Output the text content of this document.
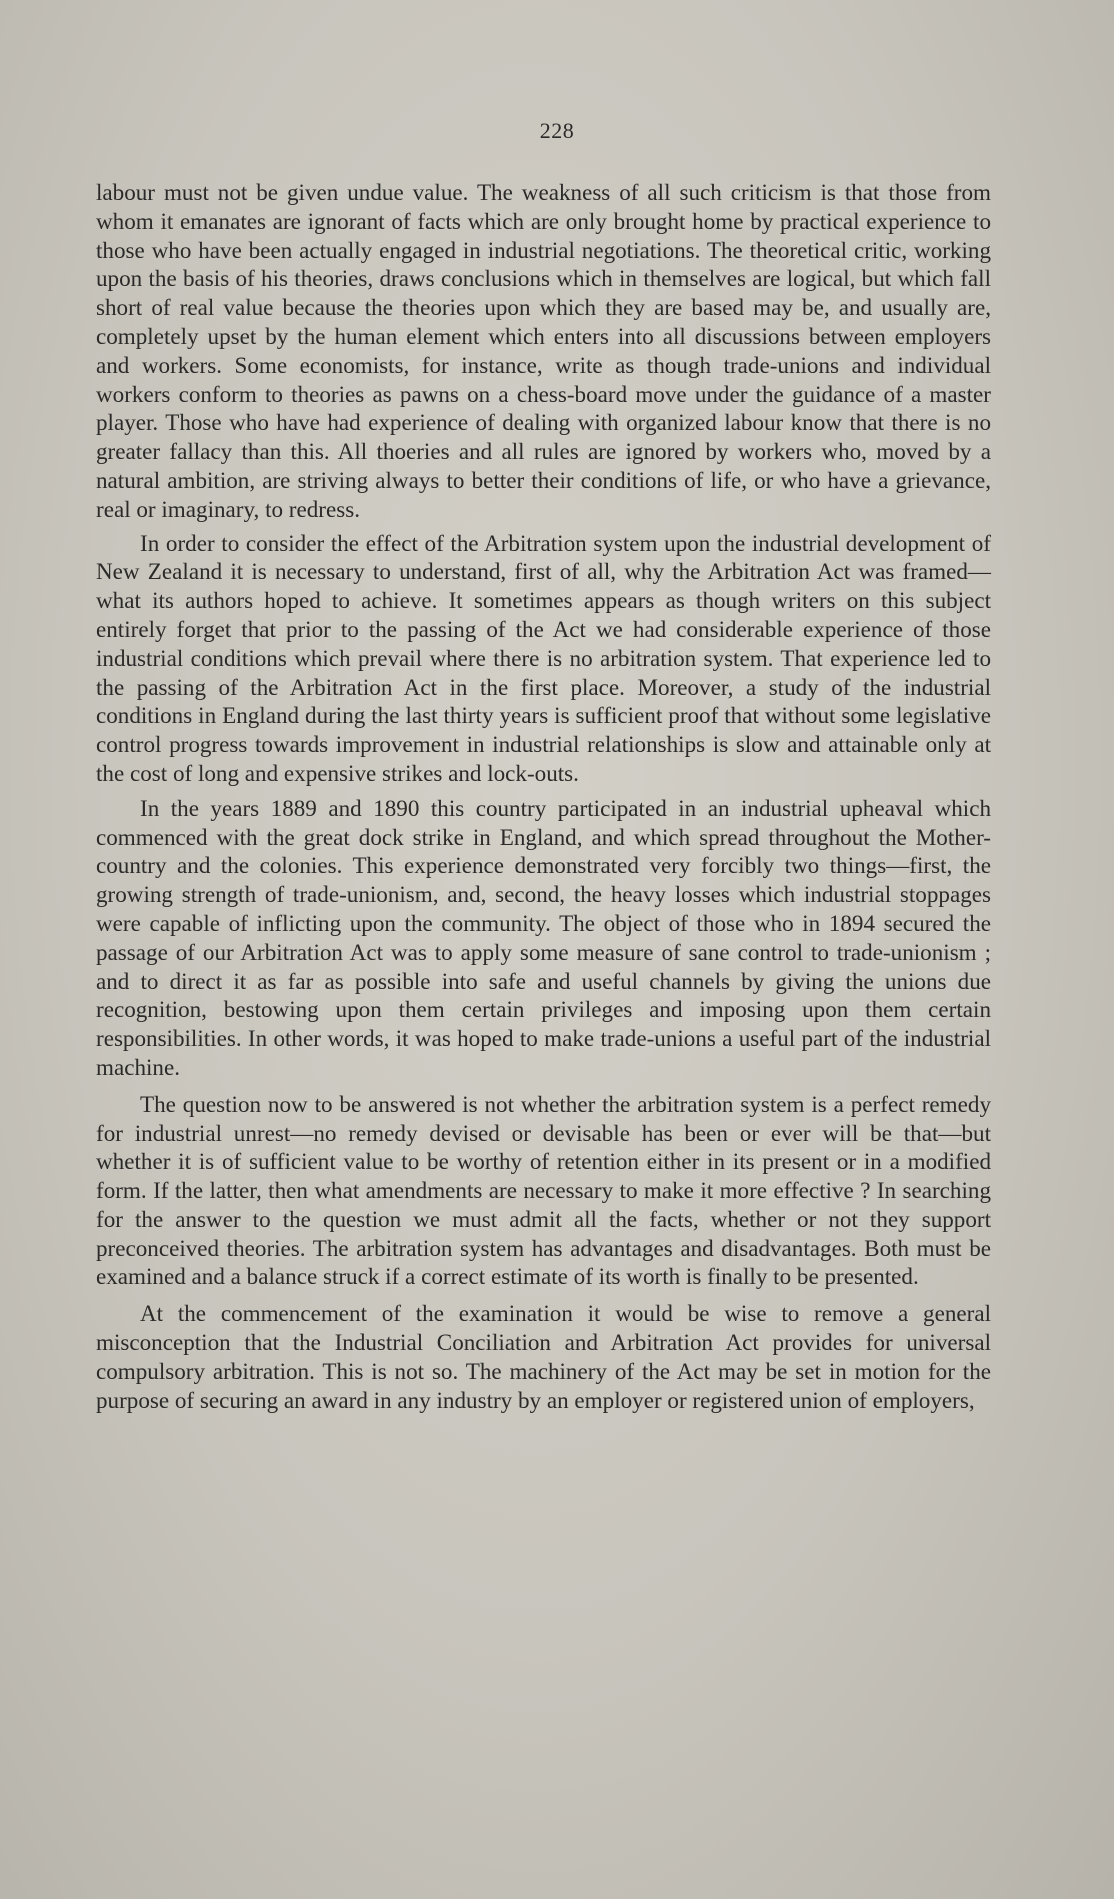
228

labour must not be given undue value. The weakness of all such criticism is that those from whom it emanates are ignorant of facts which are only brought home by practical experience to those who have been actually engaged in industrial negotiations. The theoretical critic, working upon the basis of his theories, draws conclusions which in themselves are logical, but which fall short of real value because the theories upon which they are based may be, and usually are, completely upset by the human element which enters into all discussions between employers and workers. Some economists, for instance, write as though trade-unions and individual workers conform to theories as pawns on a chess-board move under the guidance of a master player. Those who have had experience of dealing with organized labour know that there is no greater fallacy than this. All thoeries and all rules are ignored by workers who, moved by a natural ambition, are striving always to better their conditions of life, or who have a grievance, real or imaginary, to redress.

In order to consider the effect of the Arbitration system upon the industrial development of New Zealand it is necessary to understand, first of all, why the Arbitration Act was framed—what its authors hoped to achieve. It sometimes appears as though writers on this subject entirely forget that prior to the passing of the Act we had considerable experience of those industrial conditions which prevail where there is no arbitration system. That experience led to the passing of the Arbitration Act in the first place. Moreover, a study of the industrial conditions in England during the last thirty years is sufficient proof that without some legislative control progress towards improvement in industrial relationships is slow and attainable only at the cost of long and expensive strikes and lock-outs.

In the years 1889 and 1890 this country participated in an industrial upheaval which commenced with the great dock strike in England, and which spread throughout the Mother-country and the colonies. This experience demonstrated very forcibly two things—first, the growing strength of trade-unionism, and, second, the heavy losses which industrial stoppages were capable of inflicting upon the community. The object of those who in 1894 secured the passage of our Arbitration Act was to apply some measure of sane control to trade-unionism ; and to direct it as far as possible into safe and useful channels by giving the unions due recognition, bestowing upon them certain privileges and imposing upon them certain responsibilities. In other words, it was hoped to make trade-unions a useful part of the industrial machine.

The question now to be answered is not whether the arbitration system is a perfect remedy for industrial unrest—no remedy devised or devisable has been or ever will be that—but whether it is of sufficient value to be worthy of retention either in its present or in a modified form. If the latter, then what amendments are necessary to make it more effective ? In searching for the answer to the question we must admit all the facts, whether or not they support preconceived theories. The arbitration system has advantages and disadvantages. Both must be examined and a balance struck if a correct estimate of its worth is finally to be presented.

At the commencement of the examination it would be wise to remove a general misconception that the Industrial Conciliation and Arbitration Act provides for universal compulsory arbitration. This is not so. The machinery of the Act may be set in motion for the purpose of securing an award in any industry by an employer or registered union of employers,
